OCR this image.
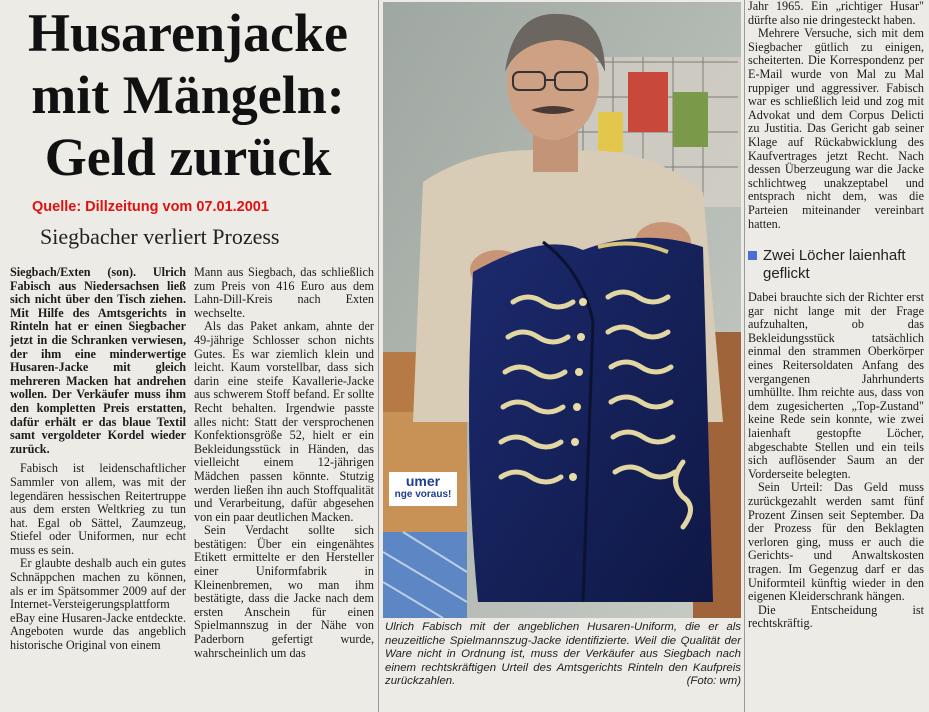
Husarenjacke
mit Mängeln:
Geld zurück
Quelle: Dillzeitung vom 07.01.2001
Siegbacher verliert Prozess

Siegbach/Exten (son). Ulrich Fabisch aus Niedersachsen ließ sich nicht über den Tisch ziehen. Mit Hilfe des Amtsgerichts in Rinteln hat er einen Siegbacher jetzt in die Schranken verwiesen, der ihm eine minderwertige Husaren-Jacke mit gleich mehreren Macken hat andrehen wollen. Der Verkäufer muss ihm den kompletten Preis erstatten, dafür erhält er das blaue Textil samt vergoldeter Kordel wieder zurück.

Fabisch ist leidenschaftlicher Sammler von allem, was mit der legendären hessischen Reitertruppe aus dem ersten Weltkrieg zu tun hat. Egal ob Sättel, Zaumzeug, Stiefel oder Uniformen, nur echt muss es sein.

Er glaubte deshalb auch ein gutes Schnäppchen machen zu können, als er im Spätsommer 2009 auf der Internet-Versteigerungsplattform eBay eine Husaren-Jacke entdeckte. Angeboten wurde das angeblich historische Original von einem

Mann aus Siegbach, das schließlich zum Preis von 416 Euro aus dem Lahn-Dill-Kreis nach Exten wechselte.

Als das Paket ankam, ahnte der 49-jährige Schlosser schon nichts Gutes. Es war ziemlich klein und leicht. Kaum vorstellbar, dass sich darin eine steife Kavallerie-Jacke aus schwerem Stoff befand. Er sollte Recht behalten. Irgendwie passte alles nicht: Statt der versprochenen Konfektionsgröße 52, hielt er ein Bekleidungsstück in Händen, das vielleicht einem 12-jährigen Mädchen passen könnte. Stutzig werden ließen ihn auch Stoffqualität und Verarbeitung, dafür abgesehen von ein paar deutlichen Macken.

Sein Verdacht sollte sich bestätigen: Über ein eingenähtes Etikett ermittelte er den Hersteller einer Uniformfabrik in Kleinenbremen, wo man ihm bestätigte, dass die Jacke nach dem ersten Anschein für einen Spielmannszug in der Nähe von Paderborn gefertigt wurde, wahrscheinlich um das

umer
nge voraus!
Ulrich Fabisch mit der angeblichen Husaren-Uniform, die er als neuzeitliche Spielmannszug-Jacke identifizierte. Weil die Qualität der Ware nicht in Ordnung ist, muss der Verkäufer aus Siegbach nach einem rechtskräftigen Urteil des Amtsgerichts Rinteln den Kaufpreis zurückzahlen.	(Foto: wm)

Jahr 1965. Ein „richtiger Husar" dürfte also nie dringesteckt haben.

Mehrere Versuche, sich mit dem Siegbacher gütlich zu einigen, scheiterten. Die Korrespondenz per E-Mail wurde von Mal zu Mal ruppiger und aggressiver. Fabisch war es schließlich leid und zog mit Advokat und dem Corpus Delicti zu Justitia. Das Gericht gab seiner Klage auf Rückabwicklung des Kaufvertrages jetzt Recht. Nach dessen Überzeugung war die Jacke schlichtweg unakzeptabel und entsprach nicht dem, was die Parteien miteinander vereinbart hatten.

Zwei Löcher laienhaft geflickt

Dabei brauchte sich der Richter erst gar nicht lange mit der Frage aufzuhalten, ob das Bekleidungsstück tatsächlich einmal den strammen Oberkörper eines Reitersoldaten Anfang des vergangenen Jahrhunderts umhüllte. Ihm reichte aus, dass von dem zugesicherten „Top-Zustand" keine Rede sein konnte, wie zwei laienhaft gestopfte Löcher, abgeschabte Stellen und ein teils sich auflösender Saum an der Vorderseite belegten.

Sein Urteil: Das Geld muss zurückgezahlt werden samt fünf Prozent Zinsen seit September. Da der Prozess für den Beklagten verloren ging, muss er auch die Gerichts- und Anwaltskosten tragen. Im Gegenzug darf er das Uniformteil künftig wieder in den eigenen Kleiderschrank hängen.

Die Entscheidung ist rechtskräftig.
